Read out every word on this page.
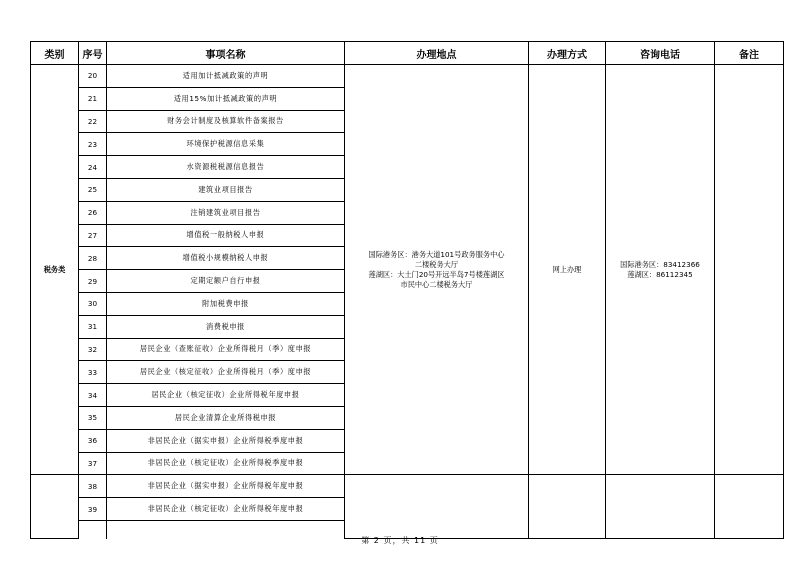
类别	序号	事项名称	办理地点	办理方式	咨询电话	备注
税务类	20	适用加计抵减政策的声明	国际港务区：港务大道101号政务服务中心
二楼税务大厅
莲湖区：大土门20号开远半岛7号楼莲湖区
市民中心二楼税务大厅	网上办理	国际港务区：83412366
莲湖区：86112345	

	21	适用15%加计抵减政策的声明				
	22	财务会计制度及核算软件备案报告				
	23	环境保护税源信息采集				
	24	水资源税税源信息报告				
	25	建筑业项目报告				
	26	注销建筑业项目报告				
	27	增值税一般纳税人申报				
	28	增值税小规模纳税人申报				
	29	定期定额户自行申报				
	30	附加税费申报				
	31	消费税申报				
	32	居民企业（查账征收）企业所得税月（季）度申报				
	33	居民企业（核定征收）企业所得税月（季）度申报				
	34	居民企业（核定征收）企业所得税年度申报				
	35	居民企业清算企业所得税申报				
	36	非居民企业（据实申报）企业所得税季度申报				
	37	非居民企业（核定征收）企业所得税季度申报				
	38	非居民企业（据实申报）企业所得税年度申报				
	39	非居民企业（核定征收）企业所得税年度申报				

第 2 页，共 11 页
